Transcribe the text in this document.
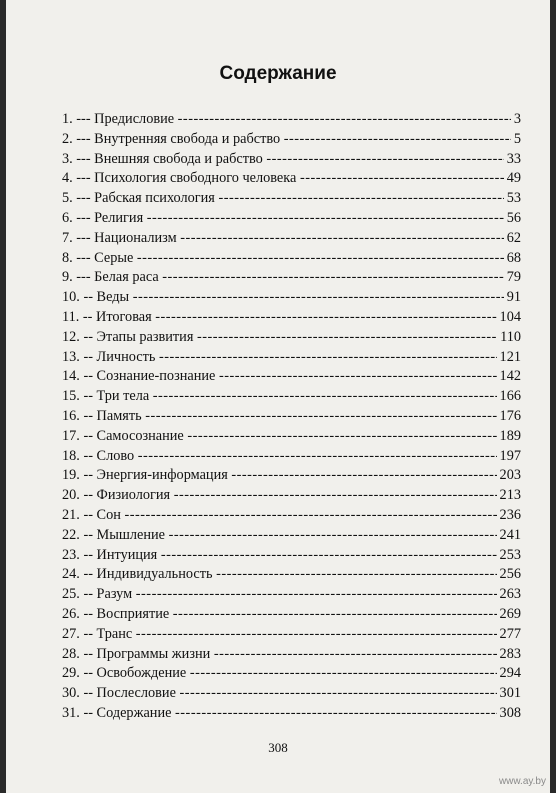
Содержание
1. --- Предисловие -----	3
2. --- Внутренняя свобода и рабство -----	5
3. --- Внешняя свобода и рабство -----	33
4. --- Психология свободного человека -----	49
5. --- Рабская психология -----	53
6. --- Религия -----	56
7. --- Национализм -----	62
8. --- Серые -----	68
9. --- Белая раса -----	79
10. -- Веды -----	91
11. -- Итоговая -----	104
12. -- Этапы развития -----	110
13. -- Личность -----	121
14. -- Сознание-познание -----	142
15. -- Три тела -----	166
16. -- Память -----	176
17. -- Самосознание -----	189
18. -- Слово -----	197
19. -- Энергия-информация -----	203
20. -- Физиология -----	213
21. -- Сон -----	236
22. -- Мышление -----	241
23. -- Интуиция -----	253
24. -- Индивидуальность -----	256
25. -- Разум -----	263
26. -- Восприятие -----	269
27. -- Транс -----	277
28. -- Программы жизни -----	283
29. -- Освобождение -----	294
30. -- Послесловие -----	301
31. -- Содержание -----	308
308
www.ay.by
